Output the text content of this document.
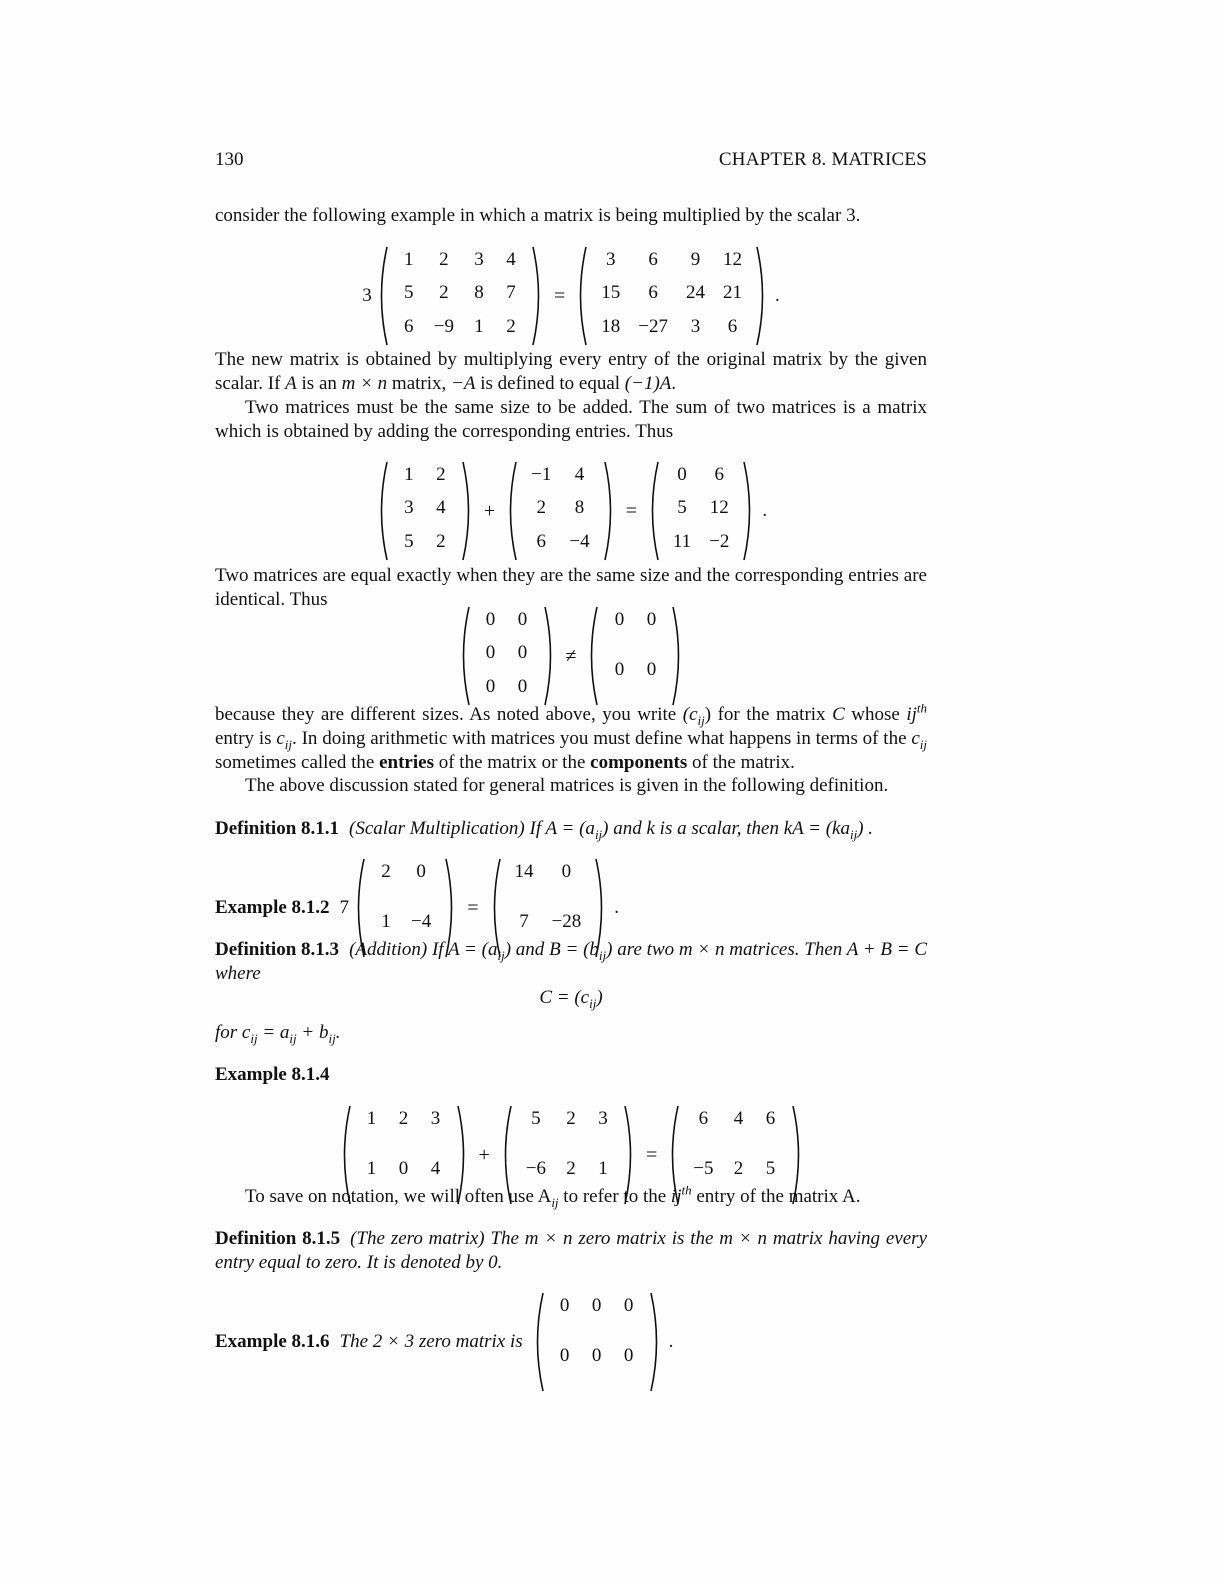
130	CHAPTER 8. MATRICES

consider the following example in which a matrix is being multiplied by the scalar 3.

3
1	2	3	4
5	2	8	7
6	−9	1	2
=
3	6	9	12
15	6	24 21
18 −27	3	6
.

The new matrix is obtained by multiplying every entry of the original matrix by the given scalar. If A is an m × n matrix, −A is defined to equal (−1)A.

Two matrices must be the same size to be added. The sum of two matrices is a matrix which is obtained by adding the corresponding entries. Thus

1	2
3	4
5	2
+
−1	4
2	8
6	−4
=
0	6
5	12
11 −2
.

Two matrices are equal exactly when they are the same size and the corresponding entries are identical. Thus

0	0
0	0
0	0
≠
0	0
0	0

because they are different sizes. As noted above, you write $(c_{ij})$ for the matrix C whose $ij^{th}$ entry is $c_{ij}$. In doing arithmetic with matrices you must define what happens in terms of the $c_{ij}$ sometimes called the entries of the matrix or the components of the matrix.

The above discussion stated for general matrices is given in the following definition.

Definition 8.1.1 (Scalar Multiplication) If $A = (a_{ij})$ and k is a scalar, then kA = $(ka_{ij})$ .

Example 8.1.2 7
2	0
1	−4
=
14	0
7	−28
.

Definition 8.1.3 (Addition) If $A = (a_{ij})$ and $B = (b_{ij})$ are two m × n matrices. Then A + B = C where

$C = (c_{ij})$
for $c_{ij} = a_{ij} + b_{ij}$.
Example 8.1.4
1	2	3
1	0	4
+
5	2	3
−6	2	1
=
6	4	6
−5	2	5

To save on notation, we will often use $A_{ij}$ to refer to the $ij^{th}$ entry of the matrix A.

Definition 8.1.5 (The zero matrix) The m × n zero matrix is the m × n matrix having every entry equal to zero. It is denoted by 0.

Example 8.1.6 The 2 × 3 zero matrix is
0	0	0
0	0	0
.
